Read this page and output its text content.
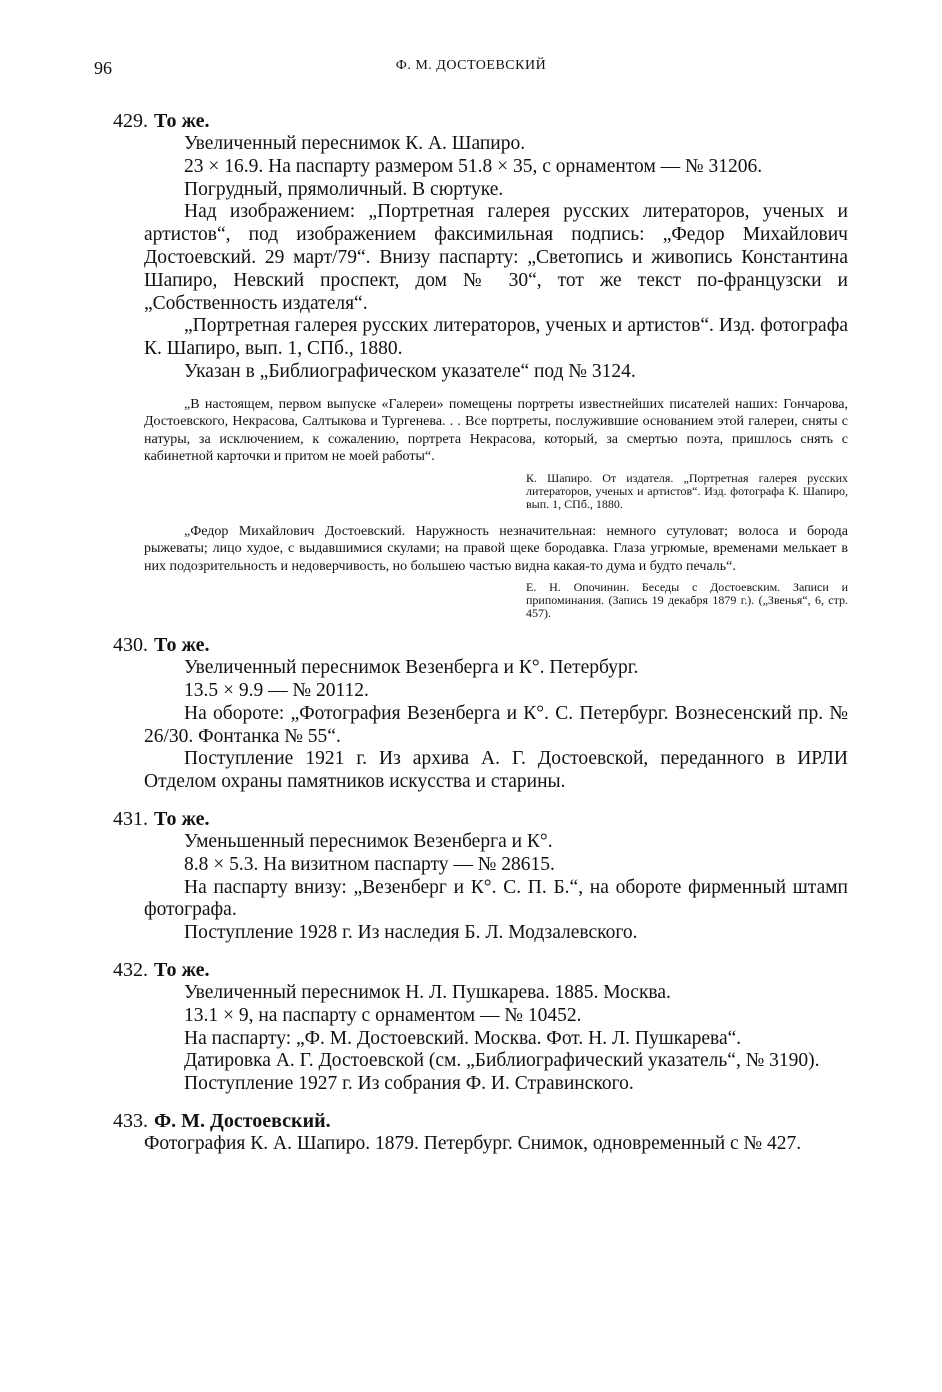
96	Ф. М. ДОСТОЕВСКИЙ
429. То же.
Увеличенный переснимок К. А. Шапиро.
23 × 16.9. На паспарту размером 51.8 × 35, с орнаментом — № 31206.
Погрудный, прямоличный. В сюртуке.
Над изображением: „Портретная галерея русских литераторов, ученых и артистов“, под изображением факсимильная подпись: „Федор Михайлович Достоевский. 29 март/79“. Внизу паспарту: „Светопись и живопись Константина Шапиро, Невский проспект, дом № 30“, тот же текст по-французски и „Собственность издателя“.
„Портретная галерея русских литераторов, ученых и артистов“. Изд. фотографа К. Шапиро, вып. 1, СПб., 1880.
Указан в „Библиографическом указателе“ под № 3124.
„В настоящем, первом выпуске «Галереи» помещены портреты известнейших писателей наших: Гончарова, Достоевского, Некрасова, Салтыкова и Тургенева. . . Все портреты, послужившие основанием этой галереи, сняты с натуры, за исключением, к сожалению, портрета Некрасова, который, за смертью поэта, пришлось снять с кабинетной карточки и притом не моей работы“.
К. Шапиро. От издателя. „Портретная галерея русских литераторов, ученых и артистов“. Изд. фотографа К. Шапиро, вып. 1, СПб., 1880.
„Федор Михайлович Достоевский. Наружность незначительная: немного сутуловат; волоса и борода рыжеваты; лицо худое, с выдавшимися скулами; на правой щеке бородавка. Глаза угрюмые, временами мелькает в них подозрительность и недоверчивость, но большею частью видна какая-то дума и будто печаль“.
Е. Н. Опочинин. Беседы с Достоевским. Записи и припоминания. (Запись 19 декабря 1879 г.). („Звенья“, 6, стр. 457).
430. То же.
Увеличенный переснимок Везенберга и К°. Петербург.
13.5 × 9.9 — № 20112.
На обороте: „Фотография Везенберга и К°. С. Петербург. Вознесенский пр. № 26/30. Фонтанка № 55“.
Поступление 1921 г. Из архива А. Г. Достоевской, переданного в ИРЛИ Отделом охраны памятников искусства и старины.
431. То же.
Уменьшенный переснимок Везенберга и К°.
8.8 × 5.3. На визитном паспарту — № 28615.
На паспарту внизу: „Везенберг и К°. С. П. Б.“, на обороте фирменный штамп фотографа.
Поступление 1928 г. Из наследия Б. Л. Модзалевского.
432. То же.
Увеличенный переснимок Н. Л. Пушкарева. 1885. Москва.
13.1 × 9, на паспарту с орнаментом — № 10452.
На паспарту: „Ф. М. Достоевский. Москва. Фот. Н. Л. Пушкарева“.
Датировка А. Г. Достоевской (см. „Библиографический указатель“, № 3190).
Поступление 1927 г. Из собрания Ф. И. Стравинского.
433. Ф. М. Достоевский.
Фотография К. А. Шапиро. 1879. Петербург. Снимок, одновременный с № 427.
